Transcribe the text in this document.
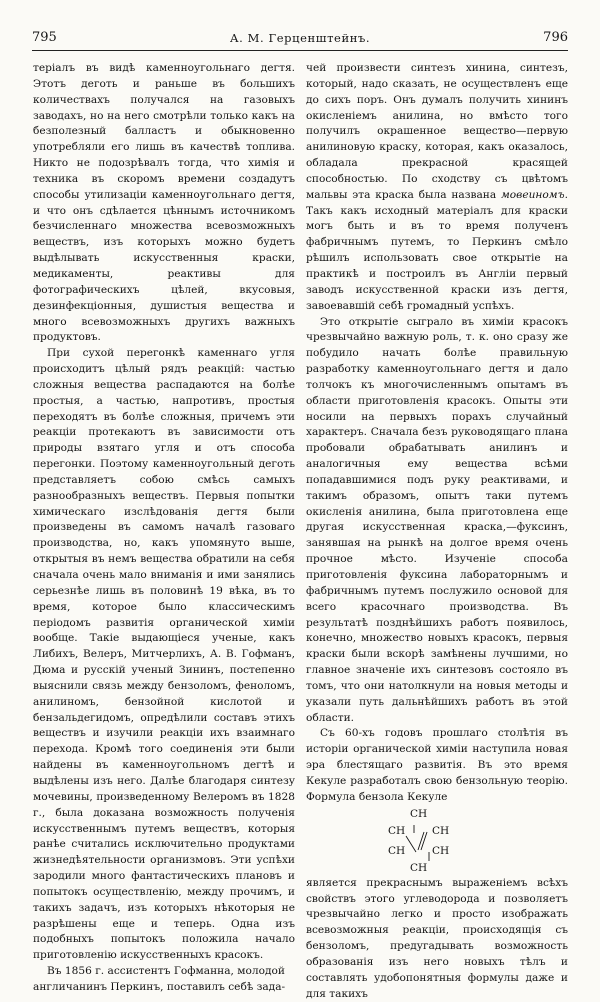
795	А. М. Герценштейнъ.	796

теріалъ въ видѣ каменноугольнаго дегтя. Этотъ деготь и раньше въ большихъ количествахъ получался на газовыхъ заводахъ, но на него смотрѣли только какъ на безполезный балластъ и обыкновенно употребляли его лишь въ качествѣ топлива. Никто не подозрѣвалъ тогда, что химія и техника въ скоромъ времени создадутъ способы утилизаціи каменноугольнаго дегтя, и что онъ сдѣлается цѣннымъ источникомъ безчисленнаго множества всевозможныхъ веществъ, изъ которыхъ можно будетъ выдѣлывать искусственныя краски, медикаменты, реактивы для фотографическихъ цѣлей, вкусовыя, дезинфекціонныя, душистыя вещества и много всевозможныхъ другихъ важныхъ продуктовъ.

При сухой перегонкѣ каменнаго угля происходитъ цѣлый рядъ реакцій: частью сложныя вещества распадаются на болѣе простыя, а частью, напротивъ, простыя переходятъ въ болѣе сложныя, причемъ эти реакціи протекаютъ въ зависимости отъ природы взятаго угля и отъ способа перегонки. Поэтому каменноугольный деготь представляетъ собою смѣсь самыхъ разнообразныхъ веществъ. Первыя попытки химическаго изслѣдованія дегтя были произведены въ самомъ началѣ газоваго производства, но, какъ упомянуто выше, открытыя въ немъ вещества обратили на себя сначала очень мало вниманія и ими занялись серьезнѣе лишь въ половинѣ 19 вѣка, въ то время, которое было классическимъ періодомъ развитія органической химіи вообще. Такіе выдающіеся ученые, какъ Либихъ, Велеръ, Митчерлихъ, А. В. Гофманъ, Дюма и русскій ученый Зининъ, постепенно выяснили связь между бензоломъ, феноломъ, анилиномъ, бензойной кислотой и бензальдегидомъ, опредѣлили составъ этихъ веществъ и изучили реакціи ихъ взаимнаго перехода. Кромѣ того соединенія эти были найдены въ каменноугольномъ дегтѣ и выдѣлены изъ него. Далѣе благодаря синтезу мочевины, произведенному Велеромъ въ 1828 г., была доказана возможность полученія искусственнымъ путемъ веществъ, которыя ранѣе считались исключительно продуктами жизнедѣятельности организмовъ. Эти успѣхи зародили много фантастическихъ плановъ и попытокъ осуществленію, между прочимъ, и такихъ задачъ, изъ которыхъ нѣкоторыя не разрѣшены еще и теперь. Одна изъ подобныхъ попытокъ положила начало приготовленію искусственныхъ красокъ.

Въ 1856 г. ассистентъ Гофманна, молодой англичанинъ Перкинъ, поставилъ себѣ зада-

чей произвести синтезъ хинина, синтезъ, который, надо сказать, не осуществленъ еще до сихъ поръ. Онъ думалъ получить хининъ окисленіемъ анилина, но вмѣсто того получилъ окрашенное вещество—первую анилиновую краску, которая, какъ оказалось, обладала прекрасной красящей способностью. По сходству съ цвѣтомъ мальвы эта краска была названа мовеиномъ. Такъ какъ исходный матеріалъ для краски могъ быть и въ то время полученъ фабричнымъ путемъ, то Перкинъ смѣло рѣшилъ использовать свое открытіе на практикѣ и построилъ въ Англіи первый заводъ искусственной краски изъ дегтя, завоевавшій себѣ громадный успѣхъ.

Это открытіе сыграло въ химіи красокъ чрезвычайно важную роль, т. к. оно сразу же побудило начать болѣе правильную разработку каменноугольнаго дегтя и дало толчокъ къ многочисленнымъ опытамъ въ области приготовленія красокъ. Опыты эти носили на первыхъ порахъ случайный характеръ. Сначала безъ руководящаго плана пробовали обрабатывать анилинъ и аналогичныя ему вещества всѣми попадавшимися подъ руку реактивами, и такимъ образомъ, опытъ таки путемъ окисленія анилина, была приготовлена еще другая искусственная краска,—фуксинъ, занявшая на рынкѣ на долгое время очень прочное мѣсто. Изученіе способа приготовленія фуксина лабораторнымъ и фабричнымъ путемъ послужило основой для всего красочнаго производства. Въ результатѣ позднѣйшихъ работъ появилось, конечно, множество новыхъ красокъ, первыя краски были вскорѣ замѣнены лучшими, но главное значеніе ихъ синтезовъ состояло въ томъ, что они натолкнули на новыя методы и указали путь дальнѣйшихъ работъ въ этой области.

Съ 60-хъ годовъ прошлаго столѣтія въ исторіи органической химіи наступила новая эра блестящаго развитія. Въ это время Кекуле разработалъ свою бензольную теорію. Формула бензола Кекуле

CH
CH	CH
CH	CH
CH

является прекраснымъ выраженіемъ всѣхъ свойствъ этого углеводорода и позволяетъ чрезвычайно легко и просто изображать всевозможныя реакціи, происходящія съ бензоломъ, предугадывать возможность образованія изъ него новыхъ тѣлъ и составлять удобопонятныя формулы даже и для такихъ
